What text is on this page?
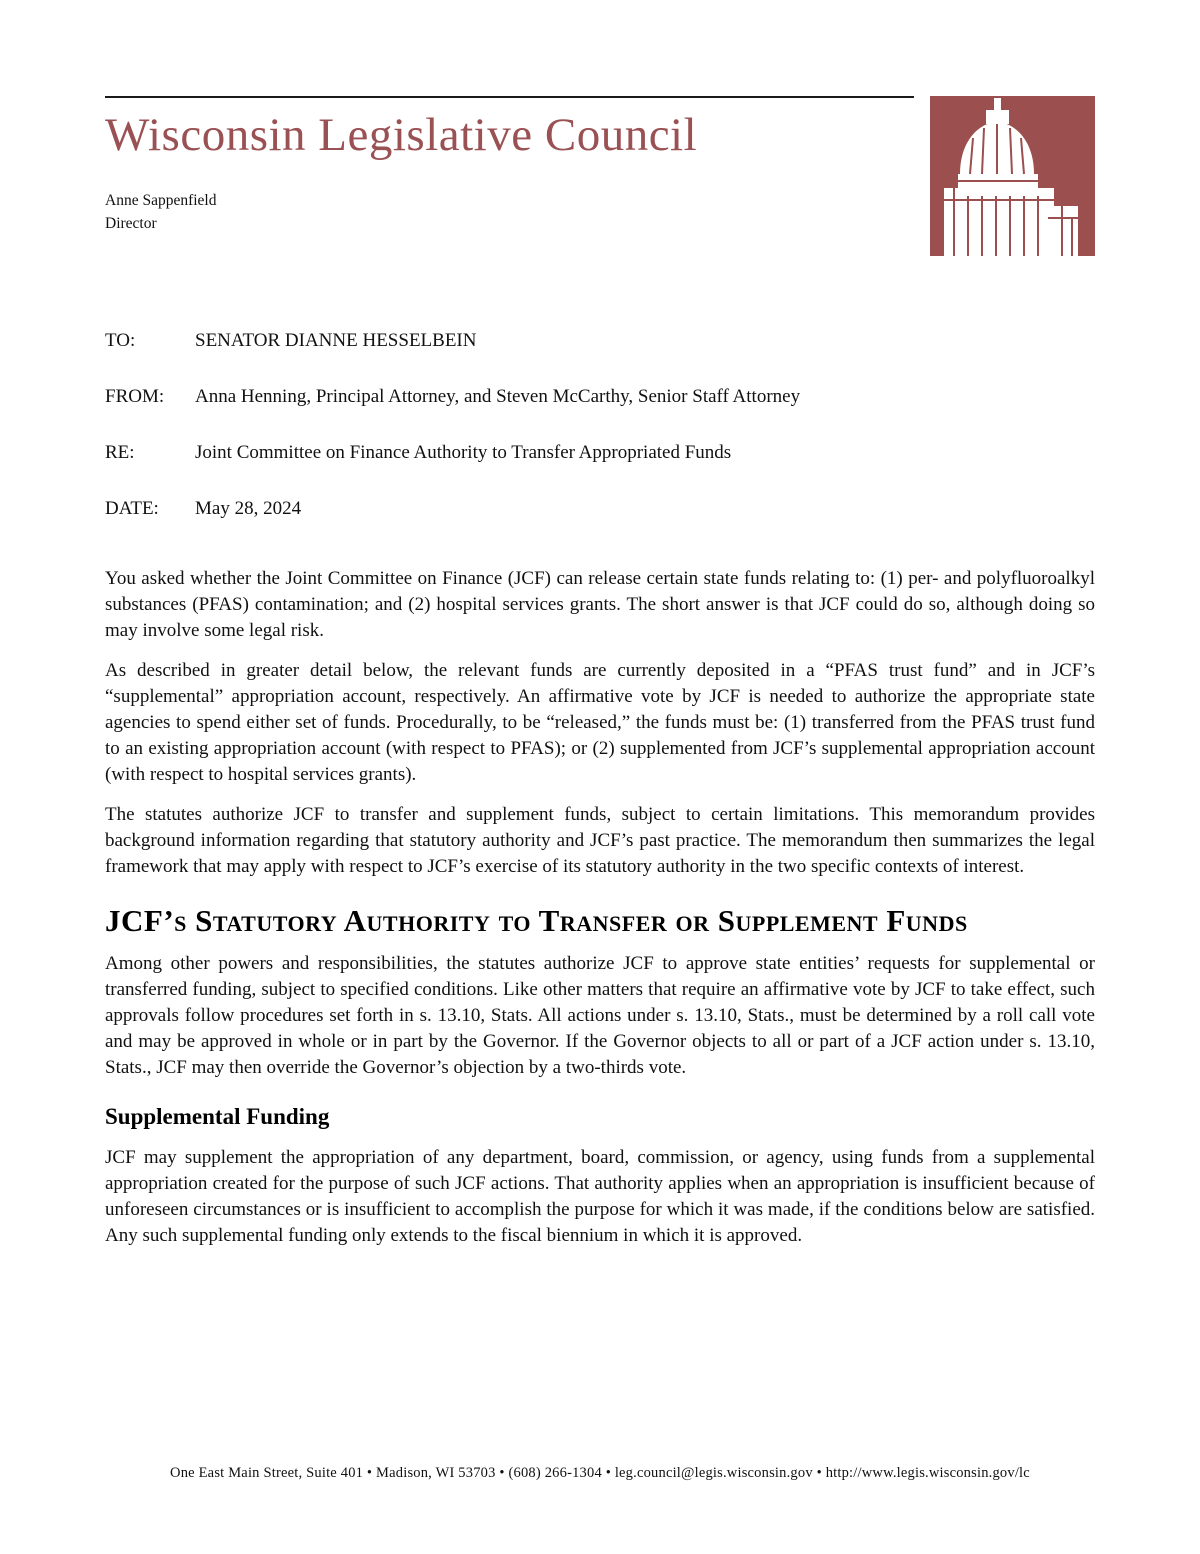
Wisconsin Legislative Council
Anne Sappenfield
Director
TO:	SENATOR DIANNE HESSELBEIN
FROM:	Anna Henning, Principal Attorney, and Steven McCarthy, Senior Staff Attorney
RE:	Joint Committee on Finance Authority to Transfer Appropriated Funds
DATE:	May 28, 2024

You asked whether the Joint Committee on Finance (JCF) can release certain state funds relating to: (1) per- and polyfluoroalkyl substances (PFAS) contamination; and (2) hospital services grants. The short answer is that JCF could do so, although doing so may involve some legal risk.

As described in greater detail below, the relevant funds are currently deposited in a “PFAS trust fund” and in JCF’s “supplemental” appropriation account, respectively. An affirmative vote by JCF is needed to authorize the appropriate state agencies to spend either set of funds. Procedurally, to be “released,” the funds must be: (1) transferred from the PFAS trust fund to an existing appropriation account (with respect to PFAS); or (2) supplemented from JCF’s supplemental appropriation account (with respect to hospital services grants).

The statutes authorize JCF to transfer and supplement funds, subject to certain limitations. This memorandum provides background information regarding that statutory authority and JCF’s past practice. The memorandum then summarizes the legal framework that may apply with respect to JCF’s exercise of its statutory authority in the two specific contexts of interest.

JCF’s Statutory Authority to Transfer or Supplement Funds

Among other powers and responsibilities, the statutes authorize JCF to approve state entities’ requests for supplemental or transferred funding, subject to specified conditions. Like other matters that require an affirmative vote by JCF to take effect, such approvals follow procedures set forth in s. 13.10, Stats. All actions under s. 13.10, Stats., must be determined by a roll call vote and may be approved in whole or in part by the Governor. If the Governor objects to all or part of a JCF action under s. 13.10, Stats., JCF may then override the Governor’s objection by a two-thirds vote.

Supplemental Funding

JCF may supplement the appropriation of any department, board, commission, or agency, using funds from a supplemental appropriation created for the purpose of such JCF actions. That authority applies when an appropriation is insufficient because of unforeseen circumstances or is insufficient to accomplish the purpose for which it was made, if the conditions below are satisfied. Any such supplemental funding only extends to the fiscal biennium in which it is approved.

One East Main Street, Suite 401 • Madison, WI 53703 • (608) 266-1304 • leg.council@legis.wisconsin.gov • http://www.legis.wisconsin.gov/lc
